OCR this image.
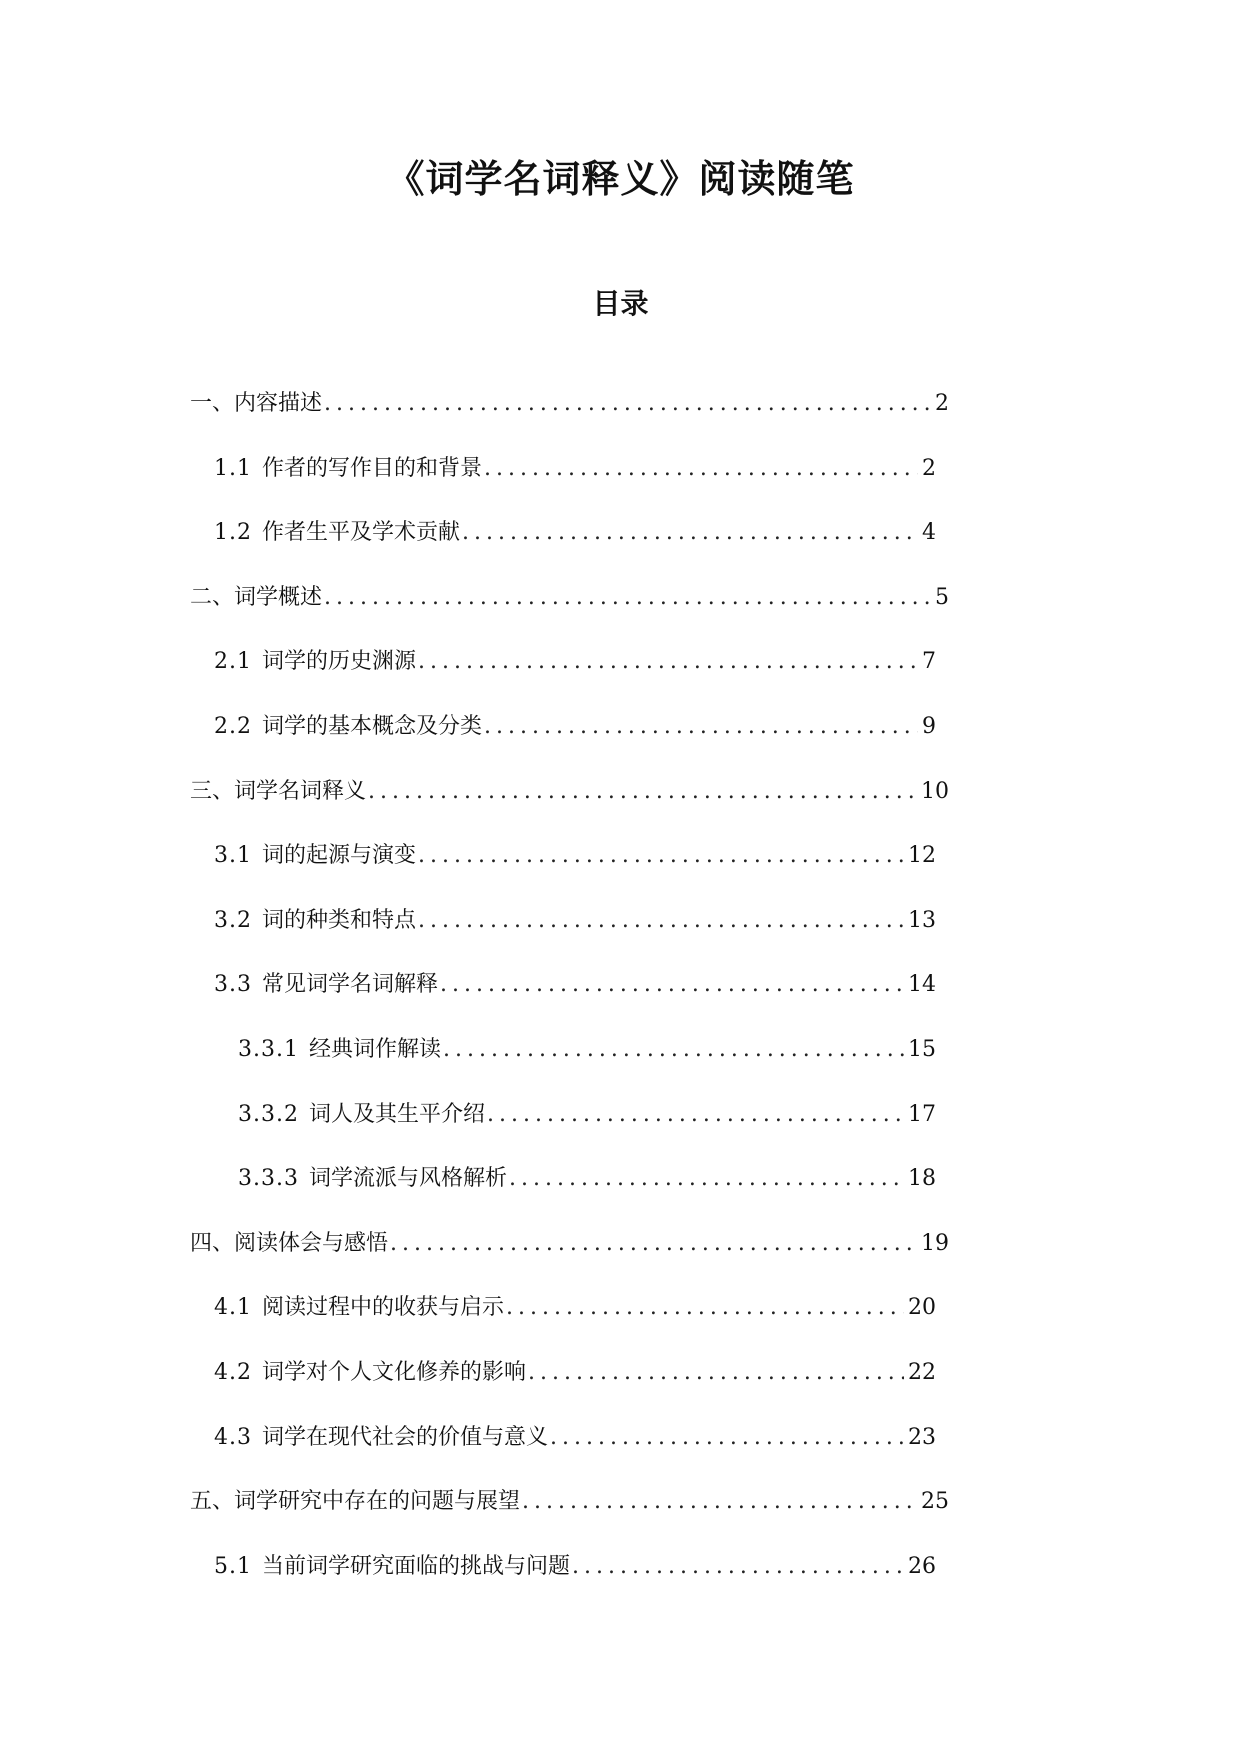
《词学名词释义》阅读随笔
目录
一、内容描述 .....	2
1.1 作者的写作目的和背景 .....	2
1.2 作者生平及学术贡献 .....	4
二、词学概述 .....	5
2.1 词学的历史渊源 .....	7
2.2 词学的基本概念及分类 .....	9
三、词学名词释义 .....	10
3.1 词的起源与演变 .....	12
3.2 词的种类和特点 .....	13
3.3 常见词学名词解释 .....	14
3.3.1 经典词作解读 .....	15
3.3.2 词人及其生平介绍 .....	17
3.3.3 词学流派与风格解析 .....	18
四、阅读体会与感悟 .....	19
4.1 阅读过程中的收获与启示 .....	20
4.2 词学对个人文化修养的影响 .....	22
4.3 词学在现代社会的价值与意义 .....	23
五、词学研究中存在的问题与展望 .....	25
5.1 当前词学研究面临的挑战与问题 .....	26
